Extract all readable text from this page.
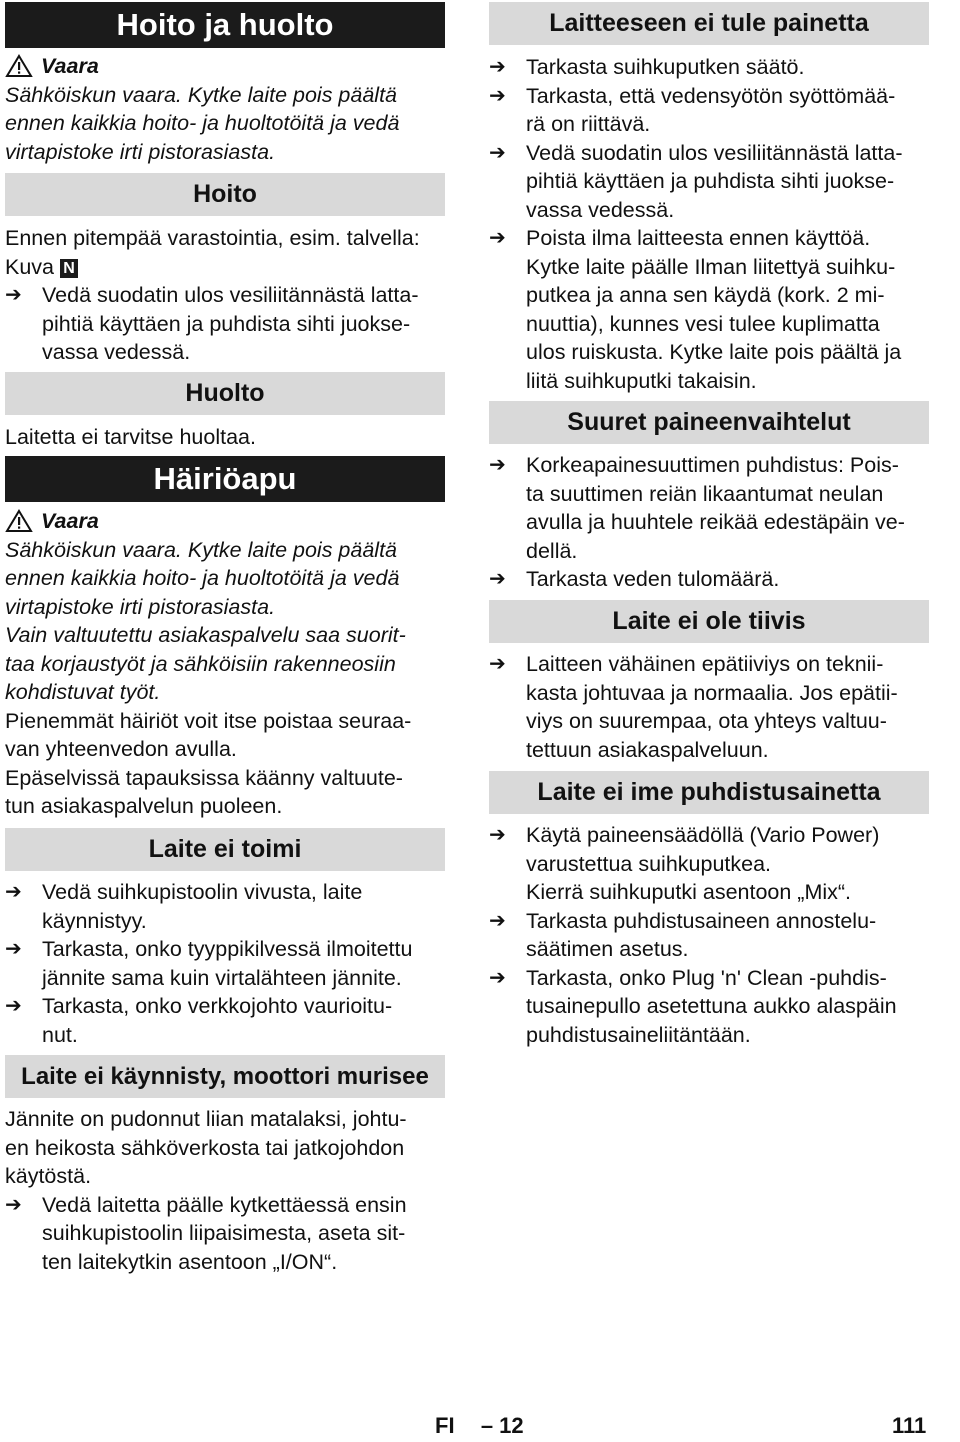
Hoito ja huolto
Vaara

Sähköiskun vaara. Kytke laite pois päältä

ennen kaikkia hoito- ja huoltotöitä ja vedä

virtapistoke irti pistorasiasta.

Hoito

Ennen pitempää varastointia, esim. talvella:

Kuva N

➔ Vedä suodatin ulos vesiliitännästä latta-
pihtiä käyttäen ja puhdista sihti juokse-
vassa vedessä.
Huolto

Laitetta ei tarvitse huoltaa.

Häiriöapu
Vaara

Sähköiskun vaara. Kytke laite pois päältä

ennen kaikkia hoito- ja huoltotöitä ja vedä

virtapistoke irti pistorasiasta.

Vain valtuutettu asiakaspalvelu saa suorit-

taa korjaustyöt ja sähköisiin rakenneosiin

kohdistuvat työt.

Pienemmät häiriöt voit itse poistaa seuraa-

van yhteenvedon avulla.

Epäselvissä tapauksissa käänny valtuute-

tun asiakaspalvelun puoleen.

Laite ei toimi
➔ Vedä suihkupistoolin vivusta, laite
käynnistyy.
➔ Tarkasta, onko tyyppikilvessä ilmoitettu
jännite sama kuin virtalähteen jännite.
➔ Tarkasta, onko verkkojohto vaurioitu-
nut.
Laite ei käynnisty, moottori murisee

Jännite on pudonnut liian matalaksi, johtu-

en heikosta sähköverkosta tai jatkojohdon

käytöstä.

➔ Vedä laitetta päälle kytkettäessä ensin
suihkupistoolin liipaisimesta, aseta sit-
ten laitekytkin asentoon „I/ON“.
Laitteeseen ei tule painetta
➔ Tarkasta suihkuputken säätö.
➔ Tarkasta, että vedensyötön syöttömää-
rä on riittävä.
➔ Vedä suodatin ulos vesiliitännästä latta-
pihtiä käyttäen ja puhdista sihti juokse-
vassa vedessä.
➔ Poista ilma laitteesta ennen käyttöä.
Kytke laite päälle Ilman liitettyä suihku-
putkea ja anna sen käydä (kork. 2 mi-
nuuttia), kunnes vesi tulee kuplimatta
ulos ruiskusta. Kytke laite pois päältä ja
liitä suihkuputki takaisin.
Suuret paineenvaihtelut
➔ Korkeapainesuuttimen puhdistus: Pois-
ta suuttimen reiän likaantumat neulan
avulla ja huuhtele reikää edestäpäin ve-
dellä.
➔ Tarkasta veden tulomäärä.
Laite ei ole tiivis
➔ Laitteen vähäinen epätiiviys on teknii-
kasta johtuvaa ja normaalia. Jos epätii-
viys on suurempaa, ota yhteys valtuu-
tettuun asiakaspalveluun.
Laite ei ime puhdistusainetta
➔ Käytä paineensäädöllä (Vario Power)
varustettua suihkuputkea.
Kierrä suihkuputki asentoon „Mix“.
➔ Tarkasta puhdistusaineen annostelu-
säätimen asetus.
➔ Tarkasta, onko Plug 'n' Clean -puhdis-
tusainepullo asetettuna aukko alaspäin
puhdistusaineliitäntään.
FI – 12	111
